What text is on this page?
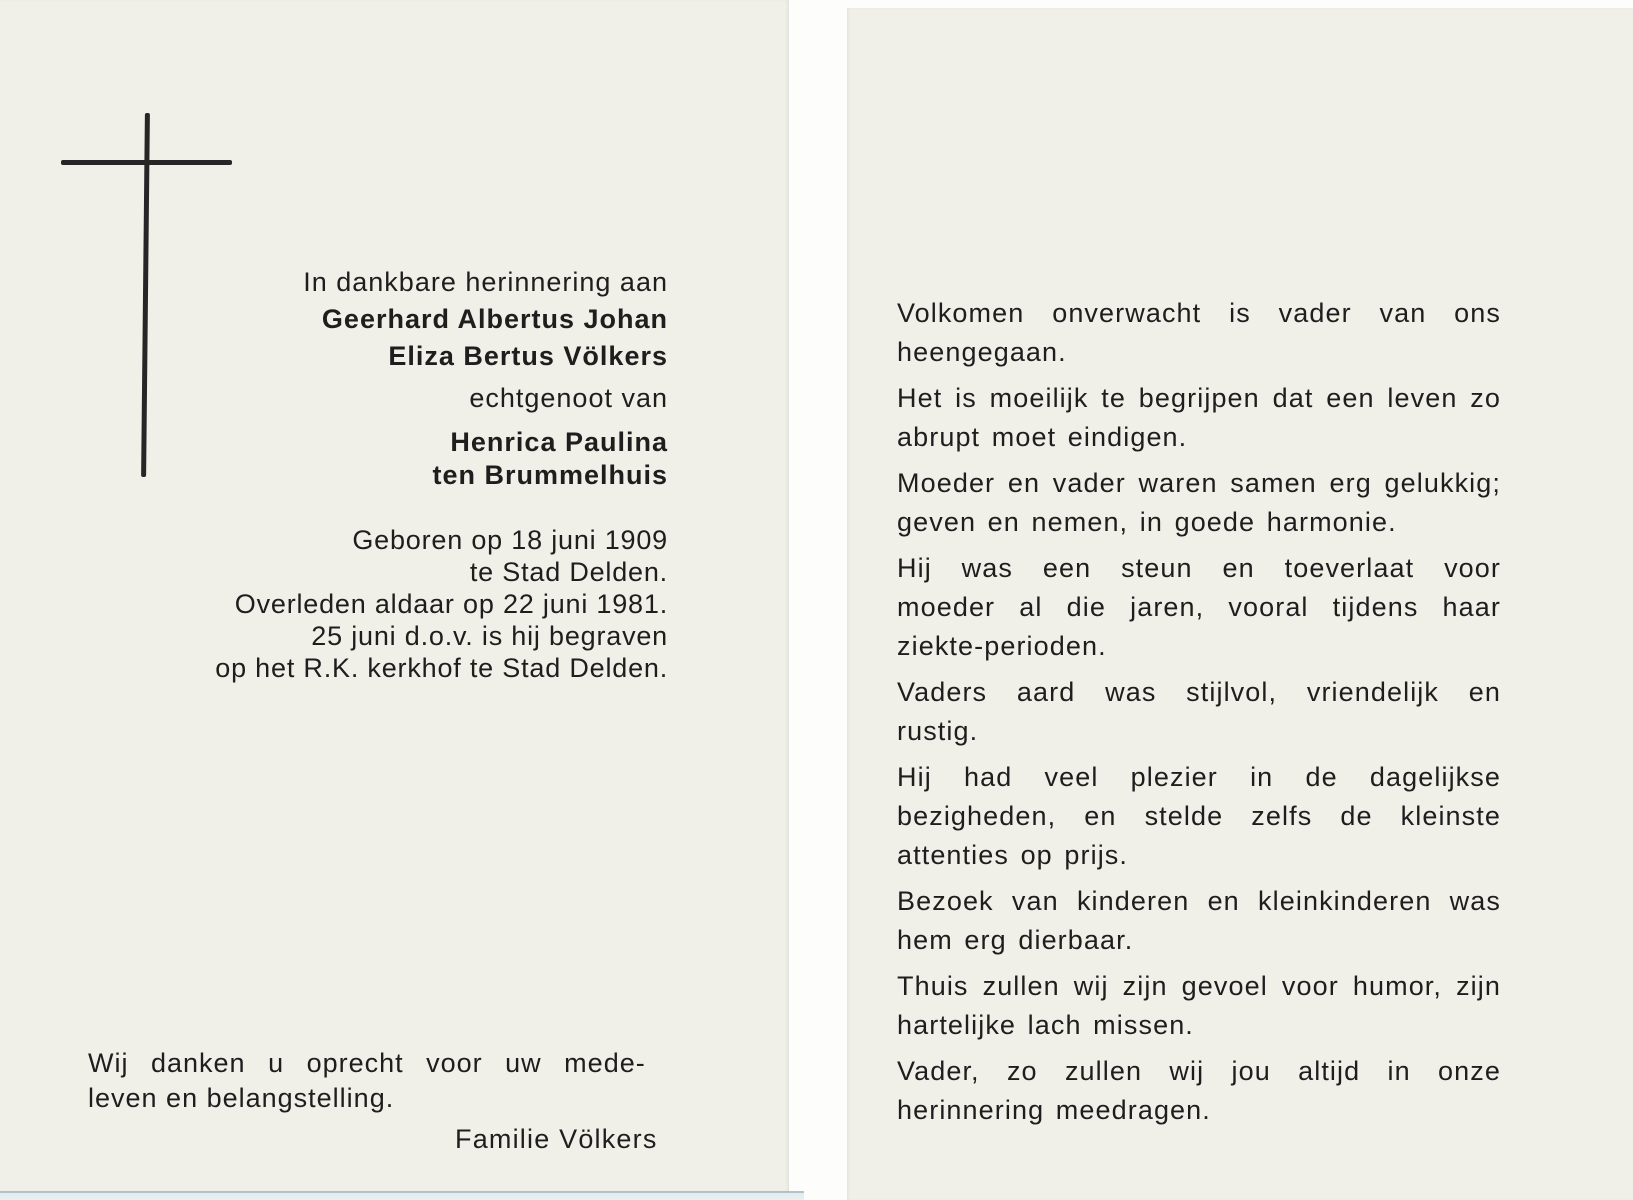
In dankbare herinnering aan
Geerhard Albertus Johan
Eliza Bertus Völkers
echtgenoot van
Henrica Paulina
ten Brummelhuis
Geboren op 18 juni 1909
te Stad Delden.
Overleden aldaar op 22 juni 1981.
25 juni d.o.v. is hij begraven
op het R.K. kerkhof te Stad Delden.
Wij danken u oprecht voor uw mede-
leven en belangstelling.
Familie Völkers

Volkomen onverwacht is vader van ons heengegaan.

Het is moeilijk te begrijpen dat een leven zo abrupt moet eindigen.

Moeder en vader waren samen erg gelukkig; geven en nemen, in goede harmonie.

Hij was een steun en toeverlaat voor moeder al die jaren, vooral tijdens haar ziekte-perioden.

Vaders aard was stijlvol, vriendelijk en rustig.

Hij had veel plezier in de dagelijkse bezigheden, en stelde zelfs de kleinste attenties op prijs.

Bezoek van kinderen en kleinkinderen was hem erg dierbaar.

Thuis zullen wij zijn gevoel voor humor, zijn hartelijke lach missen.

Vader, zo zullen wij jou altijd in onze herinnering meedragen.
